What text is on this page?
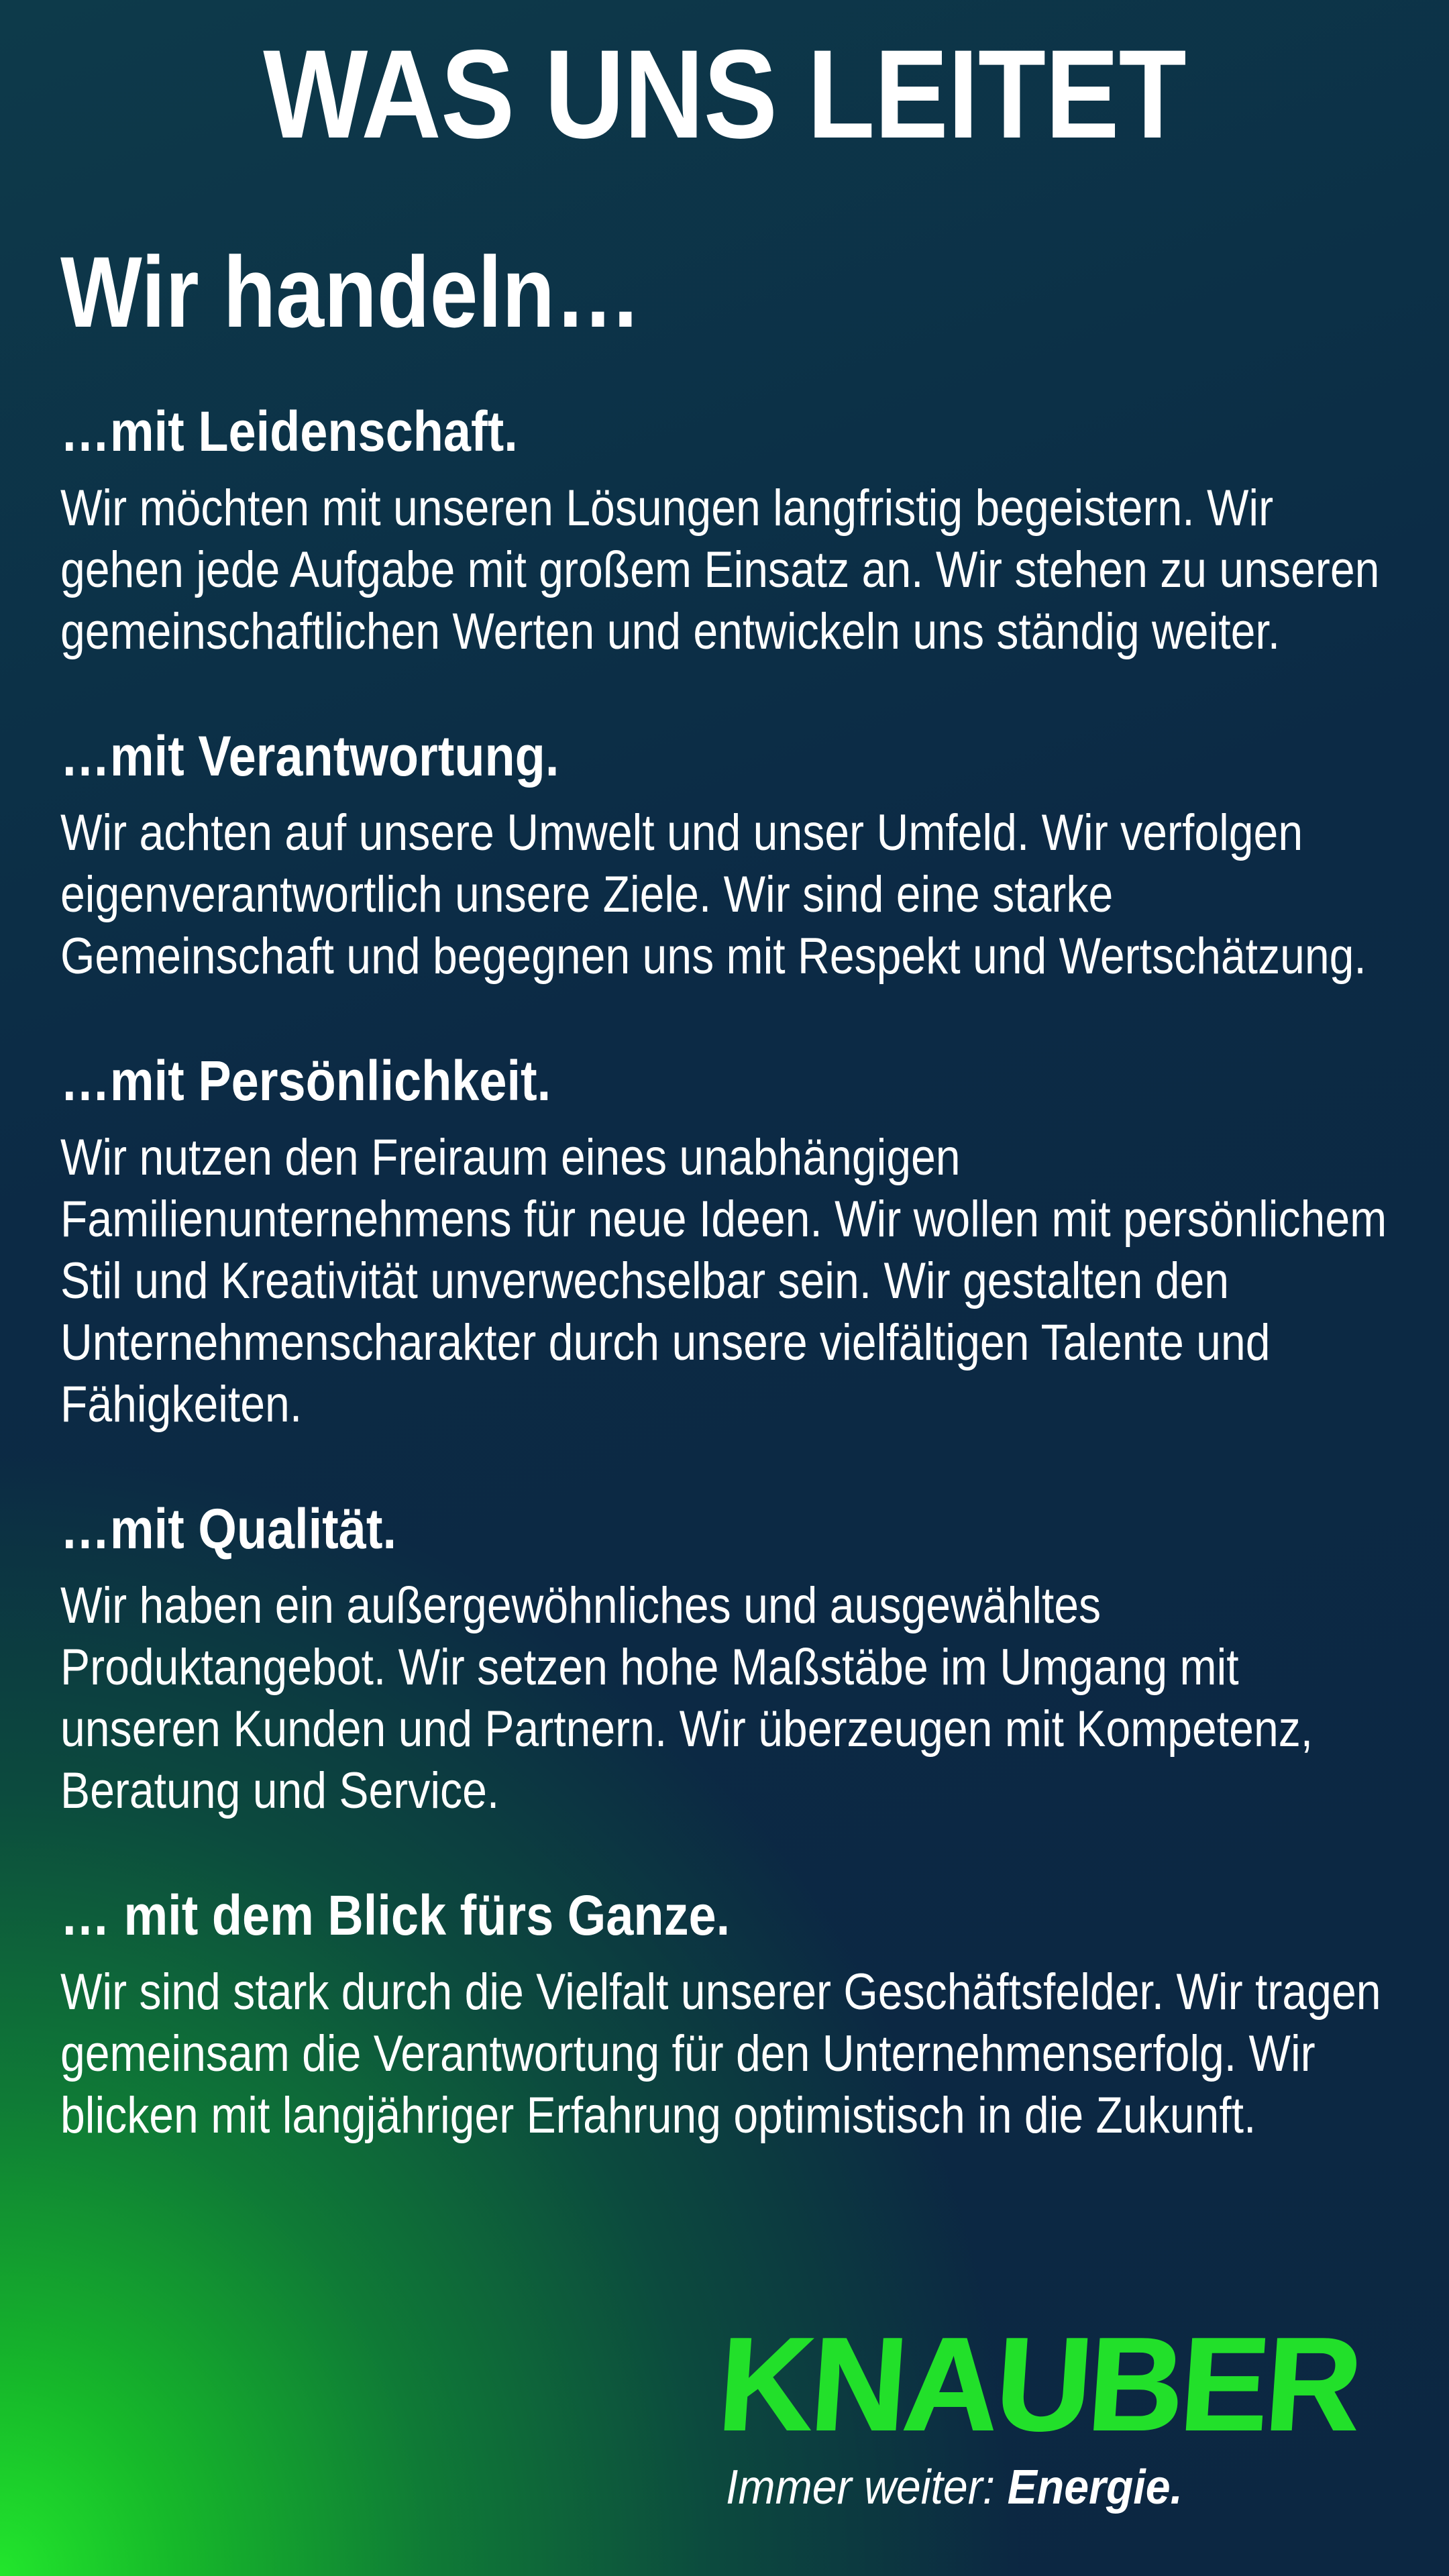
WAS UNS LEITET
Wir handeln…
…mit Leidenschaft.
Wir möchten mit unseren Lösungen langfristig begeistern. Wir gehen jede Aufgabe mit großem Einsatz an. Wir stehen zu unseren gemeinschaftlichen Werten und entwickeln uns ständig weiter.
…mit Verantwortung.
Wir achten auf unsere Umwelt und unser Umfeld. Wir verfolgen eigenverantwortlich unsere Ziele. Wir sind eine starke Gemeinschaft und begegnen uns mit Respekt und Wertschätzung.
…mit Persönlichkeit.
Wir nutzen den Freiraum eines unabhängigen Familienunternehmens für neue Ideen. Wir wollen mit persönlichem Stil und Kreativität unverwechselbar sein. Wir gestalten den Unternehmenscharakter durch unsere vielfältigen Talente und Fähigkeiten.
…mit Qualität.
Wir haben ein außergewöhnliches und ausgewähltes Produktangebot. Wir setzen hohe Maßstäbe im Umgang mit unseren Kunden und Partnern. Wir überzeugen mit Kompetenz, Beratung und Service.
… mit dem Blick fürs Ganze.
Wir sind stark durch die Vielfalt unserer Geschäftsfelder. Wir tragen gemeinsam die Verantwortung für den Unternehmenserfolg. Wir blicken mit langjähriger Erfahrung optimistisch in die Zukunft.
KNAUBER
Immer weiter: Energie.
